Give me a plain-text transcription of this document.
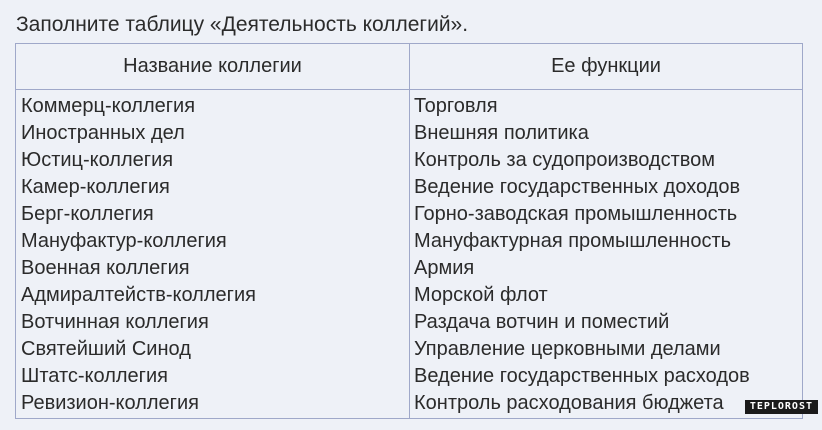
Заполните таблицу «Деятельность коллегий».
Название коллегии	Ее функции
Коммерц-коллегия	Торговля
Иностранных дел	Внешняя политика
Юстиц-коллегия	Контроль за судопроизводством
Камер-коллегия	Ведение государственных доходов
Берг-коллегия	Горно-заводская промышленность
Мануфактур-коллегия	Мануфактурная промышленность
Военная коллегия	Армия
Адмиралтейств-коллегия	Морской флот
Вотчинная коллегия	Раздача вотчин и поместий
Святейший Синод	Управление церковными делами
Штатс-коллегия	Ведение государственных расходов
Ревизион-коллегия	Контроль расходования бюджета	TEPLOROST
